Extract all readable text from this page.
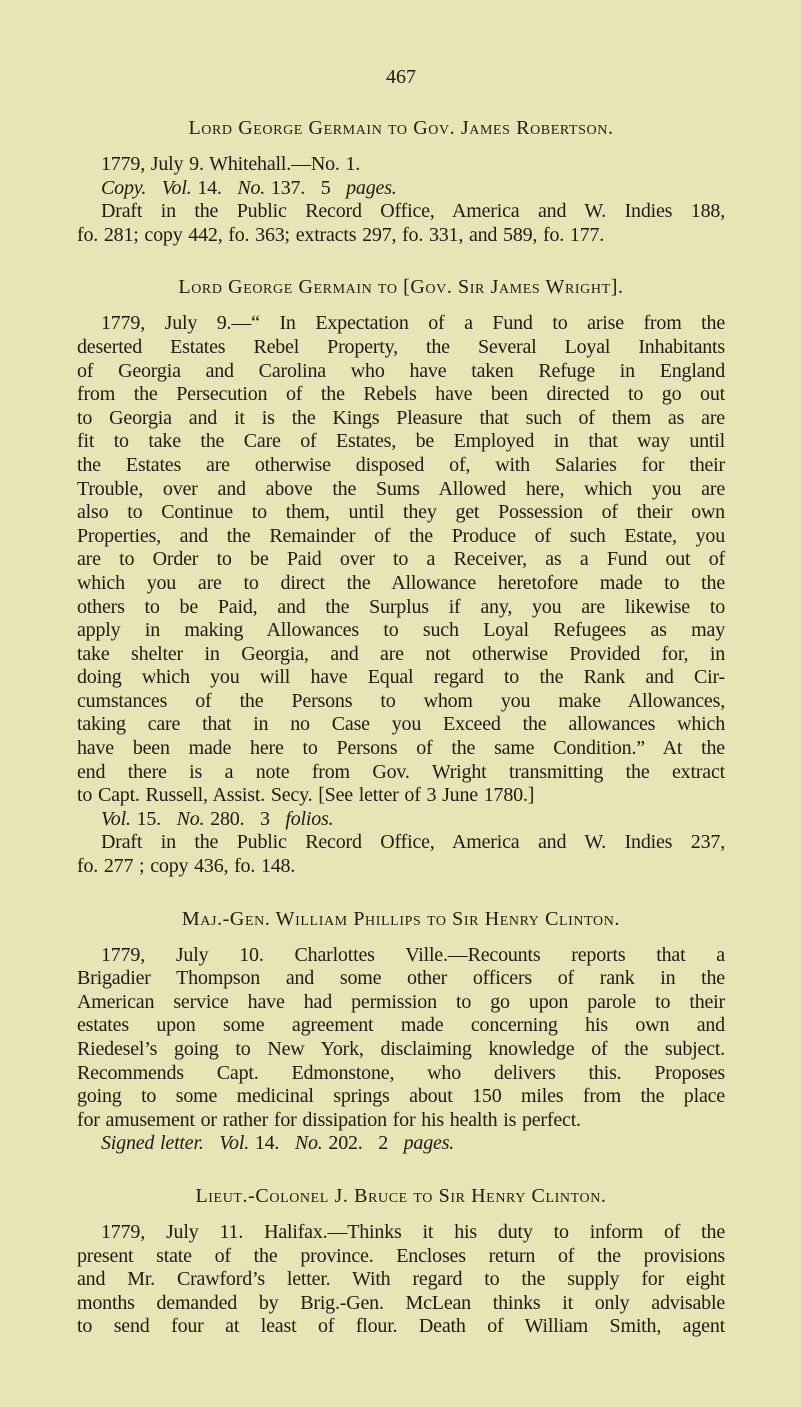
467
Lord George Germain to Gov. James Robertson.
1779, July 9. Whitehall.—No. 1.
Copy.  Vol. 14.  No. 137.  5  pages.
Draft in the Public Record Office, America and W. Indies 188,
fo. 281; copy 442, fo. 363; extracts 297, fo. 331, and 589, fo. 177.
Lord George Germain to [Gov. Sir James Wright].
1779, July 9.—“ In Expectation of a Fund to arise from the
deserted Estates Rebel Property, the Several Loyal Inhabitants
of Georgia and Carolina who have taken Refuge in England
from the Persecution of the Rebels have been directed to go out
to Georgia and it is the Kings Pleasure that such of them as are
fit to take the Care of Estates, be Employed in that way until
the Estates are otherwise disposed of, with Salaries for their
Trouble, over and above the Sums Allowed here, which you are
also to Continue to them, until they get Possession of their own
Properties, and the Remainder of the Produce of such Estate, you
are to Order to be Paid over to a Receiver, as a Fund out of
which you are to direct the Allowance heretofore made to the
others to be Paid, and the Surplus if any, you are likewise to
apply in making Allowances to such Loyal Refugees as may
take shelter in Georgia, and are not otherwise Provided for, in
doing which you will have Equal regard to the Rank and Cir-
cumstances of the Persons to whom you make Allowances,
taking care that in no Case you Exceed the allowances which
have been made here to Persons of the same Condition.” At the
end there is a note from Gov. Wright transmitting the extract
to Capt. Russell, Assist. Secy. [See letter of 3 June 1780.]
Vol. 15.  No. 280.  3  folios.
Draft in the Public Record Office, America and W. Indies 237,
fo. 277 ; copy 436, fo. 148.
Maj.-Gen. William Phillips to Sir Henry Clinton.
1779, July 10. Charlottes Ville.—Recounts reports that a
Brigadier Thompson and some other officers of rank in the
American service have had permission to go upon parole to their
estates upon some agreement made concerning his own and
Riedesel’s going to New York, disclaiming knowledge of the subject.
Recommends Capt. Edmonstone, who delivers this. Proposes
going to some medicinal springs about 150 miles from the place
for amusement or rather for dissipation for his health is perfect.
Signed letter.  Vol. 14.  No. 202.  2  pages.
Lieut.-Colonel J. Bruce to Sir Henry Clinton.
1779, July 11. Halifax.—Thinks it his duty to inform of the
present state of the province. Encloses return of the provisions
and Mr. Crawford’s letter. With regard to the supply for eight
months demanded by Brig.-Gen. McLean thinks it only advisable
to send four at least of flour. Death of William Smith, agent
